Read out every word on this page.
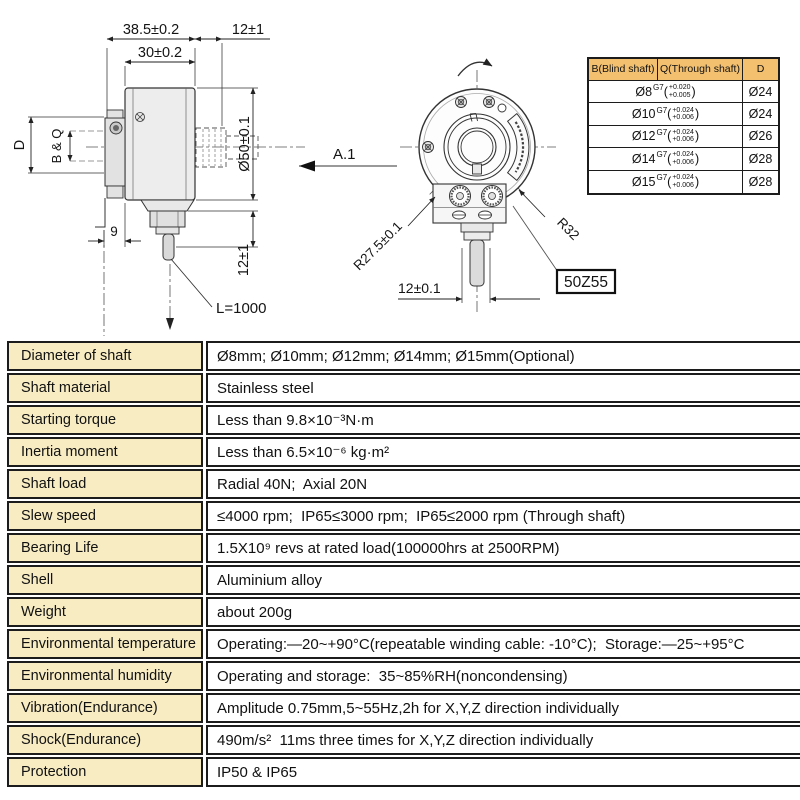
38.5±0.2
30±0.2
12±1
Ø50±0.1
12±1
9
D B & Q	A.1
L=1000
12±0.1
R27.5±0.1	R32
50Z55
B(Blind shaft) Q(Through shaft)	D
$Ø8^{G7}$ ( +0.020
+0.005 )	Ø24
$Ø10^{G7}$ ( +0.024
+0.006 )	Ø24
$Ø12^{G7}$ ( +0.024
+0.006 )	Ø26
$Ø14^{G7}$ ( +0.024
+0.006 )	Ø28
$Ø15^{G7}$ ( +0.024
+0.006 )	Ø28
Diameter of shaft	Ø8mm; Ø10mm; Ø12mm; Ø14mm; Ø15mm(Optional)
Shaft material	Stainless steel
Starting torque	Less than 9.8×10⁻³N·m
Inertia moment	Less than 6.5×10⁻⁶ kg·m²
Shaft load	Radial 40N;  Axial 20N
Slew speed	≤4000 rpm;  IP65≤3000 rpm;  IP65≤2000 rpm (Through shaft)
Bearing Life	1.5X10⁹ revs at rated load(100000hrs at 2500RPM)
Shell	Aluminium alloy
Weight	about 200g
Environmental temperature	Operating:—20~+90°C(repeatable winding cable: -10°C);  Storage:—25~+95°C
Environmental humidity	Operating and storage:  35~85%RH(noncondensing)
Vibration(Endurance)	Amplitude 0.75mm,5~55Hz,2h for X,Y,Z direction individually
Shock(Endurance)	490m/s²  11ms three times for X,Y,Z direction individually
Protection	IP50 & IP65
